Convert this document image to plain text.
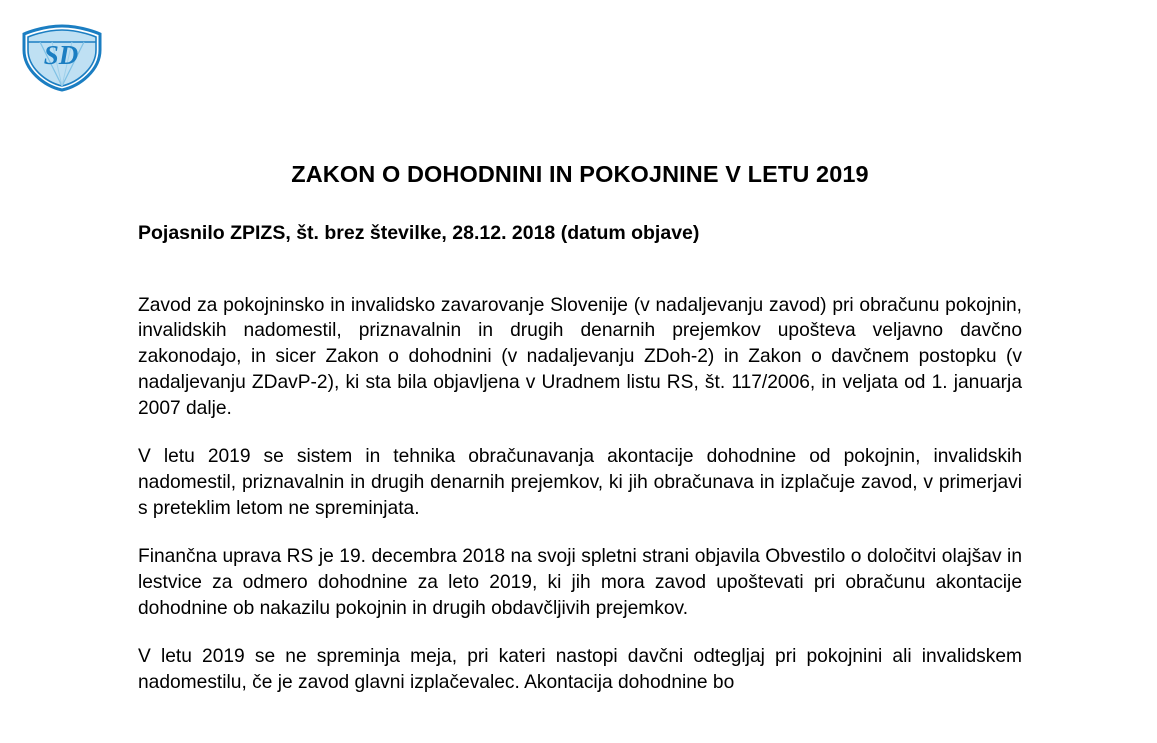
SD
ZAKON O DOHODNINI IN POKOJNINE V LETU 2019
Pojasnilo ZPIZS, št. brez številke, 28.12. 2018 (datum objave)

Zavod za pokojninsko in invalidsko zavarovanje Slovenije (v nadaljevanju zavod) pri obračunu pokojnin, invalidskih nadomestil, priznavalnin in drugih denarnih prejemkov upošteva veljavno davčno zakonodajo, in sicer Zakon o dohodnini (v nadaljevanju ZDoh-2) in Zakon o davčnem postopku (v nadaljevanju ZDavP-2), ki sta bila objavljena v Uradnem listu RS, št. 117/2006, in veljata od 1. januarja 2007 dalje.

V letu 2019 se sistem in tehnika obračunavanja akontacije dohodnine od pokojnin, invalidskih nadomestil, priznavalnin in drugih denarnih prejemkov, ki jih obračunava in izplačuje zavod, v primerjavi s preteklim letom ne spreminjata.

Finančna uprava RS je 19. decembra 2018 na svoji spletni strani objavila Obvestilo o določitvi olajšav in lestvice za odmero dohodnine za leto 2019, ki jih mora zavod upoštevati pri obračunu akontacije dohodnine ob nakazilu pokojnin in drugih obdavčljivih prejemkov.

V letu 2019 se ne spreminja meja, pri kateri nastopi davčni odtegljaj pri pokojnini ali invalidskem nadomestilu, če je zavod glavni izplačevalec. Akontacija dohodnine bo
